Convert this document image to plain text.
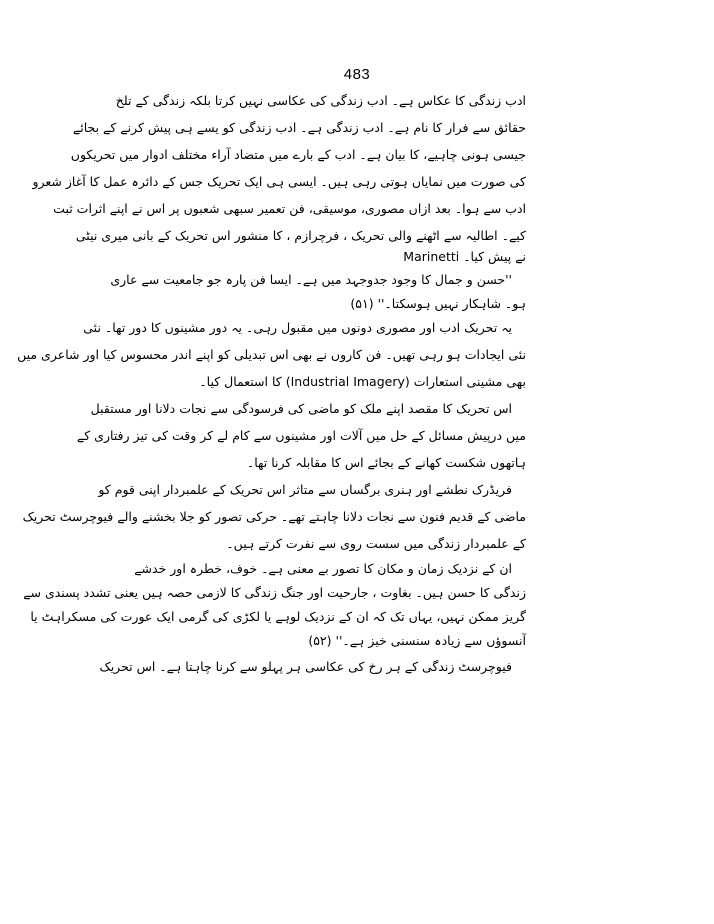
483
ادب زندگی کا عکاس ہے۔ ادب زندگی کی عکاسی نہیں کرتا بلکہ زندگی کے تلخ
حقائق سے فرار کا نام ہے۔ ادب زندگی ہے۔ ادب زندگی کو یسے ہی پیش کرنے کے بجائے
جیسی ہونی چاہیے، کا بیان ہے۔ ادب کے بارے میں متضاد آراء مختلف ادوار میں تحریکوں
کی صورت میں نمایاں ہوتی رہی ہیں۔ ایسی ہی ایک تحریک جس کے دائرہ عمل کا آغاز شعرو
ادب سے ہوا۔ بعد ازاں مصوری، موسیقی، فن تعمیر سبھی شعبوں پر اس نے اپنے اثرات ثبت
کیے۔ اطالیہ سے اٹھنے والی تحریک ، فرچرازم ، کا منشور اس تحریک کے بانی میری نیٹی
Marinetti نے پیش کیا۔
''حسن و جمال کا وجود جدوجہد میں ہے۔ ایسا فن پارہ جو جامعیت سے عاری
ہو۔ شاہکار نہیں ہوسکتا۔'' (۵۱)
یہ تحریک ادب اور مصوری دونوں میں مقبول رہی۔ یہ دور مشینوں کا دور تھا۔ نئی
نئی ایجادات ہو رہی تھیں۔ فن کاروں نے بھی اس تبدیلی کو اپنے اندر محسوس کیا اور شاعری میں
بھی مشینی استعارات (Industrial Imagery) کا استعمال کیا۔
اس تحریک کا مقصد اپنے ملک کو ماضی کی فرسودگی سے نجات دلانا اور مستقبل
میں درپیش مسائل کے حل میں آلات اور مشینوں سے کام لے کر وقت کی تیز رفتاری کے
ہاتھوں شکست کھانے کے بجائے اس کا مقابلہ کرنا تھا۔
فریڈرک نطشے اور ہنری برگساں سے متاثر اس تحریک کے علمبردار اپنی قوم کو
ماضی کے قدیم فنون سے نجات دلانا چاہتے تھے۔ حرکی تصور کو جلا بخشنے والے فیوچرسٹ تحریک
کے علمبردار زندگی میں سست روی سے نفرت کرتے ہیں۔
ان کے نزدیک زمان و مکان کا تصور بے معنی ہے۔ خوف، خطرہ اور خدشے
زندگی کا حسن ہیں۔ بغاوت ، جارحیت اور جنگ زندگی کا لازمی حصہ ہیں یعنی تشدد پسندی سے
گریز ممکن نہیں، یہاں تک کہ ان کے نزدیک لوہے یا لکڑی کی گرمی ایک عورت کی مسکراہٹ یا
آنسوؤں سے زیادہ سنسنی خیز ہے۔'' (۵۲)
فیوچرسٹ زندگی کے ہر رخ کی عکاسی ہر پہلو سے کرنا چاہتا ہے۔ اس تحریک
